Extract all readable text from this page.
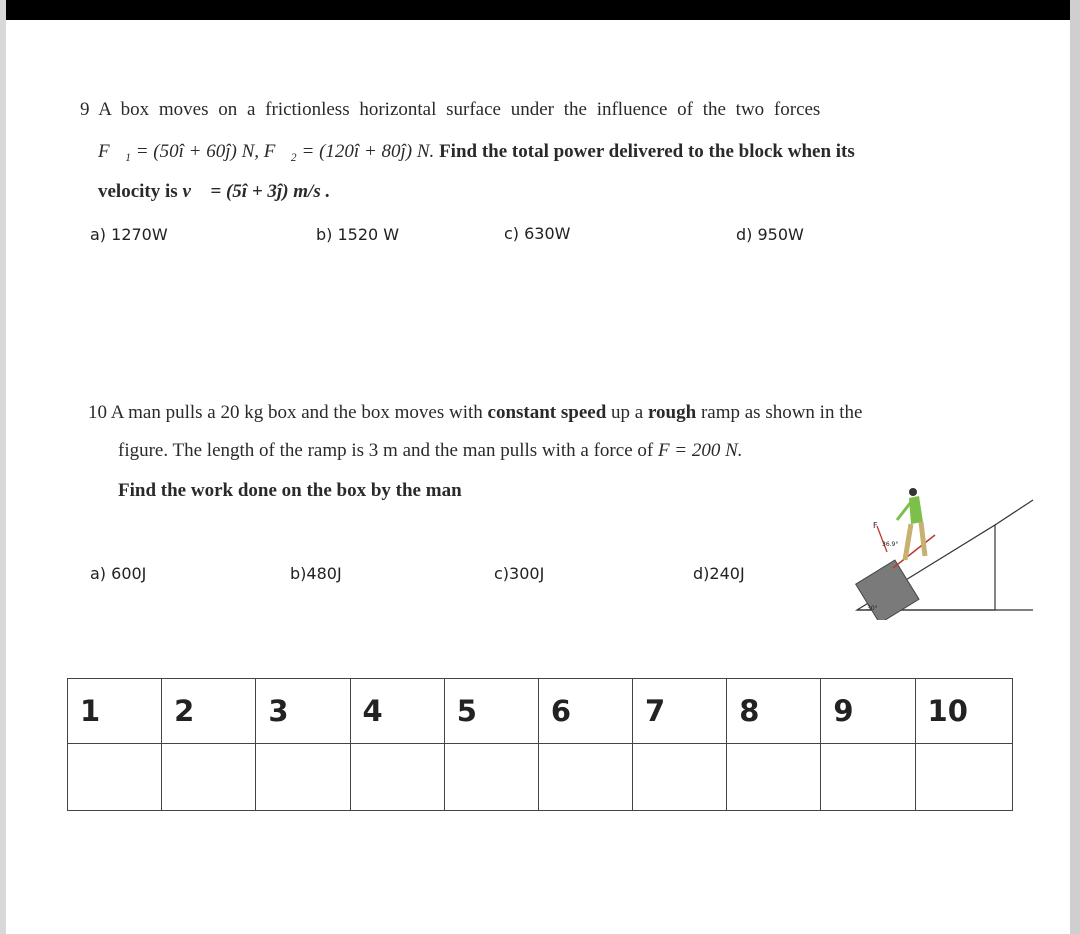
9 A box moves on a frictionless horizontal surface under the influence of the two forces
F⃗₁ = (50î + 60ĵ) N, F⃗₂ = (120î + 80ĵ) N. Find the total power delivered to the block when its
velocity is v⃗ = (5î + 3ĵ) m/s .
a) 1270W	b) 1520 W	c) 630W	d) 950W
10 A man pulls a 20 kg box and the box moves with constant speed up a rough ramp as shown in the
figure. The length of the ramp is 3 m and the man pulls with a force of F = 200 N.
Find the work done on the box by the man
a) 600J	b)480J	c)300J	d)240J
F
36.9°
30°
1	2	3	4	5	6	7	8	9	10
